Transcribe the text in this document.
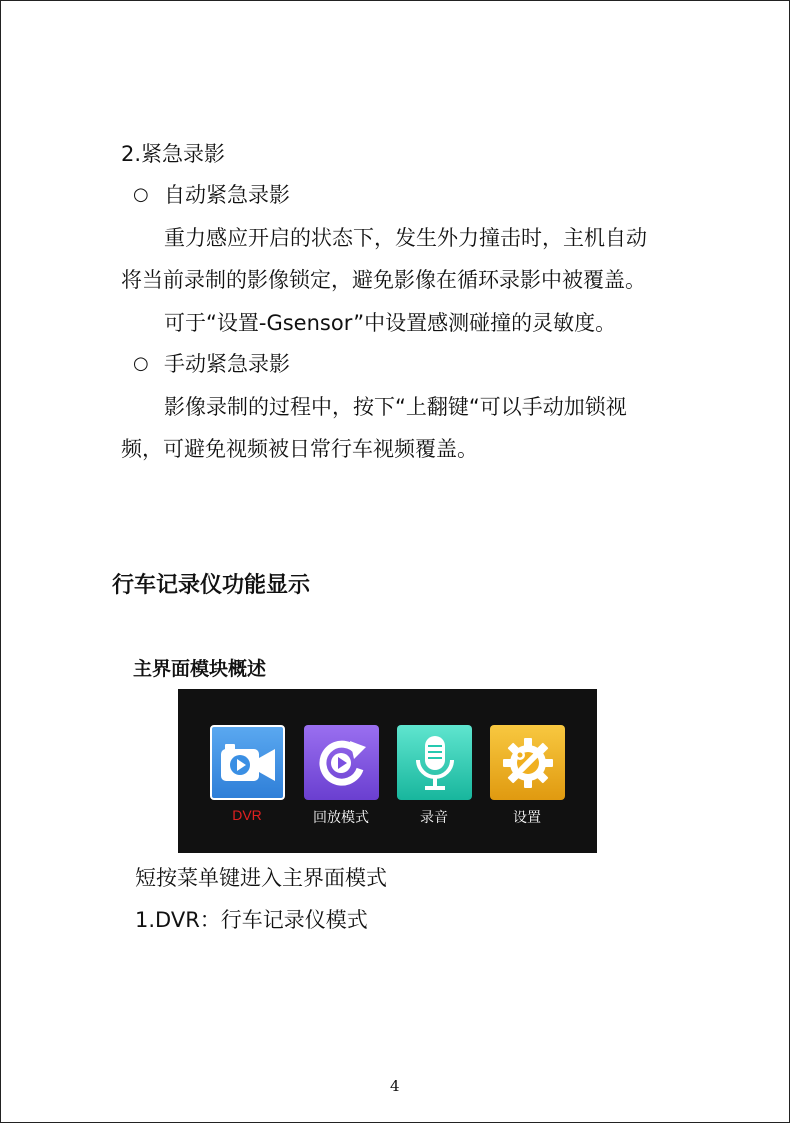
2.紧急录影
○ 自动紧急录影
重力感应开启的状态下，发生外力撞击时，主机自动
将当前录制的影像锁定，避免影像在循环录影中被覆盖。
可于“设置-Gsensor”中设置感测碰撞的灵敏度。
○ 手动紧急录影
影像录制的过程中，按下“上翻键“可以手动加锁视
频，可避免视频被日常行车视频覆盖。
行车记录仪功能显示
主界面模块概述
DVR	回放模式	录音	设置
短按菜单键进入主界面模式
1.DVR：行车记录仪模式
4
